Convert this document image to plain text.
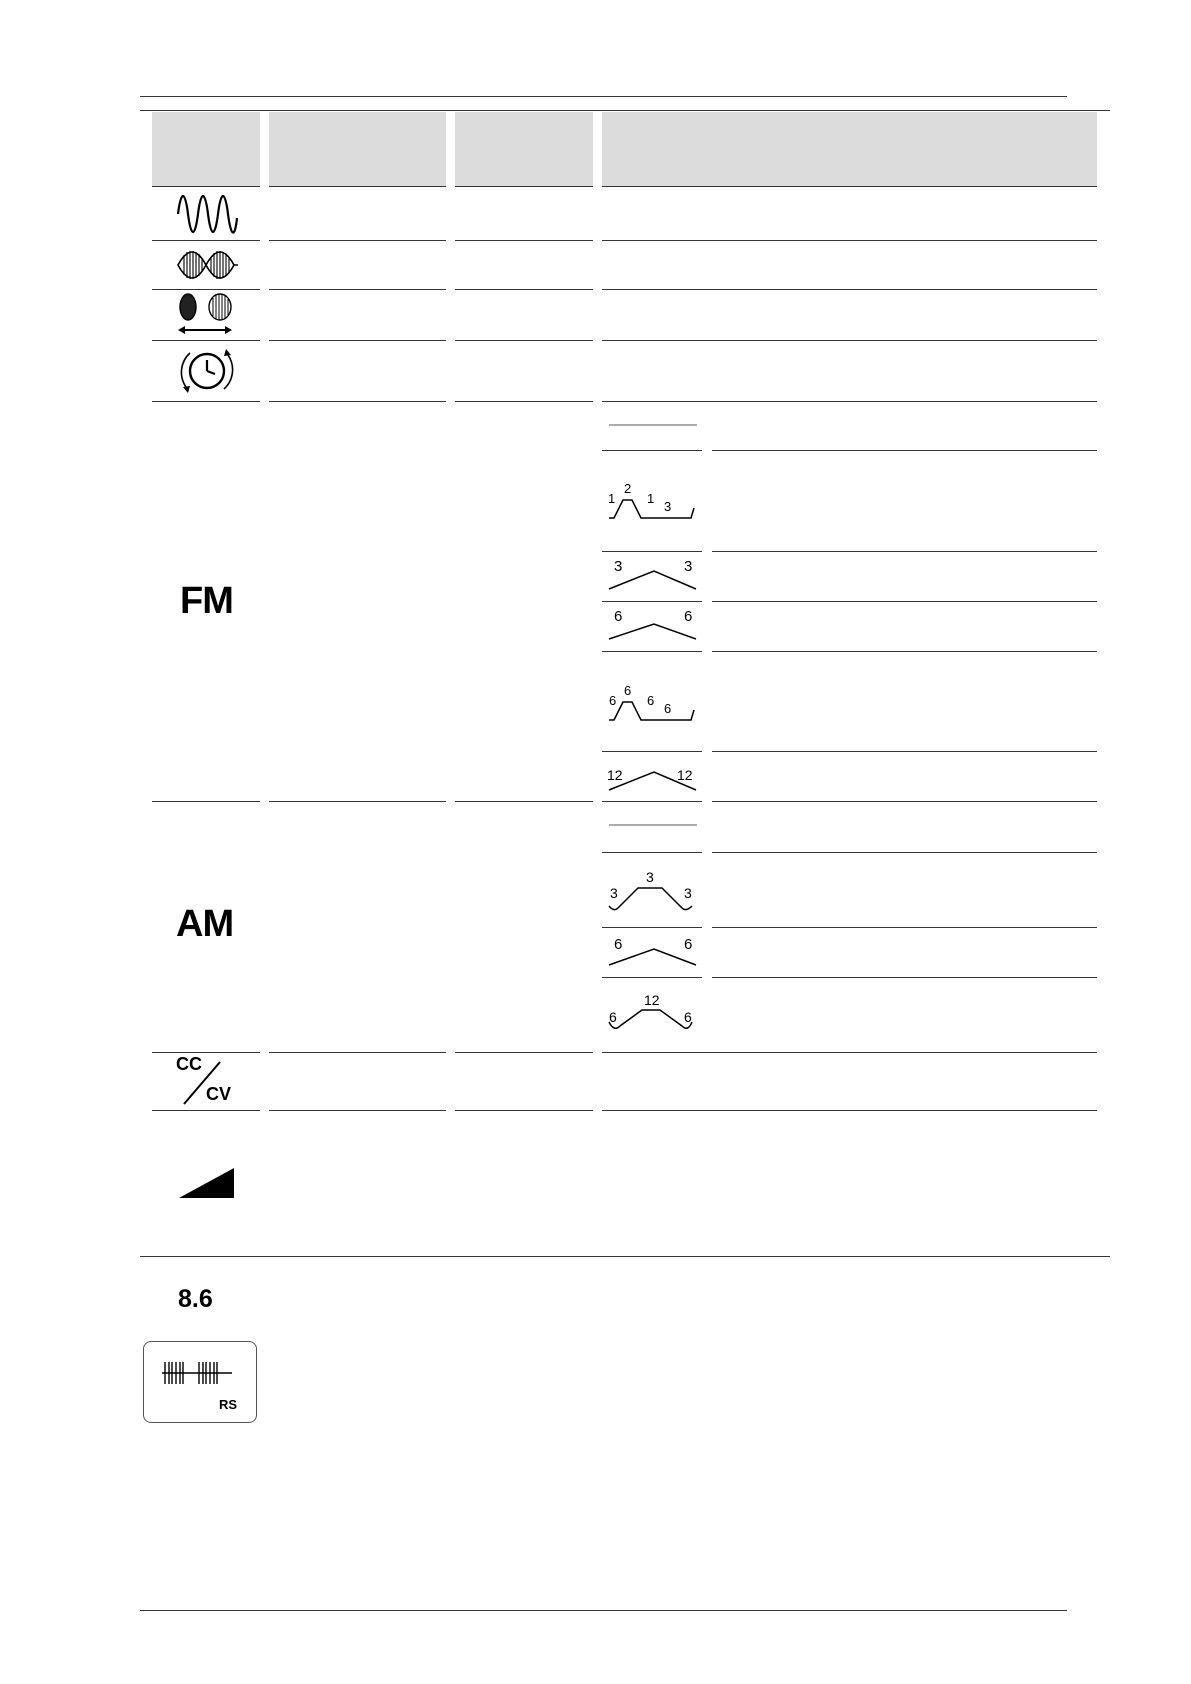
FM
AM
1
2
1
3
3	3
6	6
6
6
6
6
12	12
3
3
3
6	6
6
12
6
CC
CV
8.6
RS
